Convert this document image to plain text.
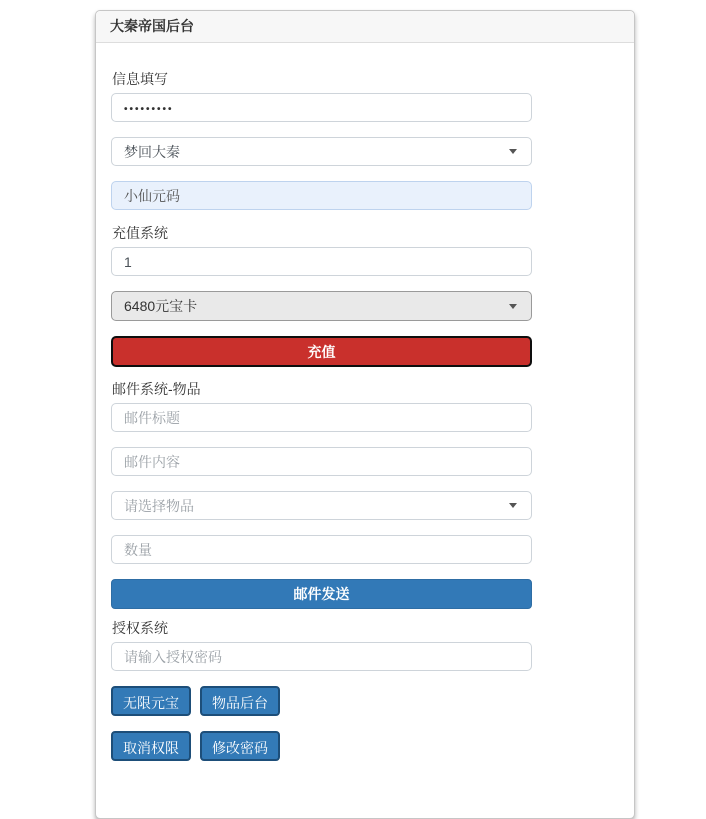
大秦帝国后台
信息填写
•••••••••
梦回大秦
小仙元码
充值系统
1
6480元宝卡
充值
邮件系统-物品
邮件标题
邮件内容
请选择物品
数量
邮件发送
授权系统
请输入授权密码
无限元宝	物品后台
取消权限	修改密码
